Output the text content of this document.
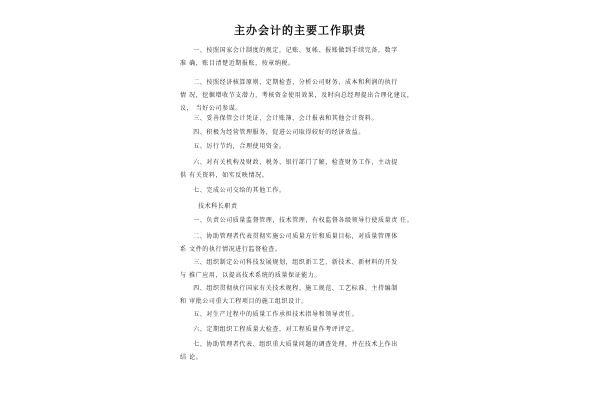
主办会计的主要工作职责
　　一、按照国家会计制度的规定，记账、复帐、报账做到手续完备，数字
准 确，账目清楚近期报账，按章纳税。
　　二、按照经济核算原则，定期检查，分析公司财务，成本和利润的执行
情 况，挖掘增收节支潜力，考核资金使用效果，及时向总经理提出合理化建议，
议， 当好公司参谋。
　　三、妥善保管会计凭证、会计账簿、会计报表和其他会计资料。
　　四、积极为经营管理服务，促进公司取得较好的经济效益。
　　五、厉行节约，合理使用资金。
　　六、对有关机构及财政、税务、银行部门了解，检查财务工作，主动提
供 有关资料，如实反映情况。
　　七、完成公司交给的其他工作。
技术科长职责
　　一、负责公司质量监督管理，技术管理，有权监督各级领导行使质量责 任。
　　二、协助管理者代表贯彻实施公司质量方针和质量目标，对质量管理体
系 文件的执行情况进行监督检查。
　　三、组织制定公司科技发展规划，组织新工艺、新技术、新材料的开发
与 推广应用，以提高技术系统的质量保证能力。
　　四、组织贯彻执行国家有关技术规程、施工规范、工艺标准、主持编制
和 审批公司重大工程项目的施工组织设计。
　　五、对生产过程中的质量工作承担技术指导和领导责任。
　　六、定期组织工程质量大检查，对工程质量作考评评定。
　　七、协助管理者代表、组织重大质量问题的调查处理，并在技术上作出
结 论。
